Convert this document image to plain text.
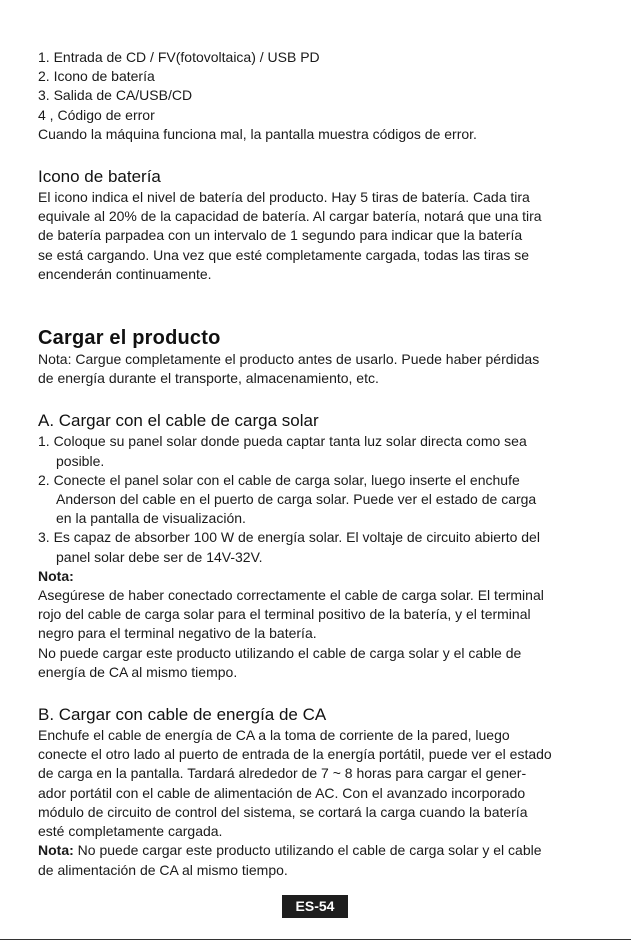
1. Entrada de CD / FV(fotovoltaica) / USB PD
2. Icono de batería
3. Salida de CA/USB/CD
4 , Código de error
Cuando la máquina funciona mal, la pantalla muestra códigos de error.
Icono de batería
El icono indica el nivel de batería del producto. Hay 5 tiras de batería. Cada tira
equivale al 20% de la capacidad de batería. Al cargar batería, notará que una tira
de batería parpadea con un intervalo de 1 segundo para indicar que la batería
se está cargando. Una vez que esté completamente cargada, todas las tiras se
encenderán continuamente.
Cargar el producto
Nota: Cargue completamente el producto antes de usarlo. Puede haber pérdidas
de energía durante el transporte, almacenamiento, etc.
A. Cargar con el cable de carga solar
1. Coloque su panel solar donde pueda captar tanta luz solar directa como sea
posible.
2. Conecte el panel solar con el cable de carga solar, luego inserte el enchufe
Anderson del cable en el puerto de carga solar. Puede ver el estado de carga
en la pantalla de visualización.
3. Es capaz de absorber 100 W de energía solar. El voltaje de circuito abierto del
panel solar debe ser de 14V-32V.
Nota:
Asegúrese de haber conectado correctamente el cable de carga solar. El terminal
rojo del cable de carga solar para el terminal positivo de la batería, y el terminal
negro para el terminal negativo de la batería.
No puede cargar este producto utilizando el cable de carga solar y el cable de
energía de CA al mismo tiempo.
B. Cargar con cable de energía de CA
Enchufe el cable de energía de CA a la toma de corriente de la pared, luego
conecte el otro lado al puerto de entrada de la energía portátil, puede ver el estado
de carga en la pantalla. Tardará alrededor de 7 ~ 8 horas para cargar el gener-
ador portátil con el cable de alimentación de AC. Con el avanzado incorporado
módulo de circuito de control del sistema, se cortará la carga cuando la batería
esté completamente cargada.
Nota: No puede cargar este producto utilizando el cable de carga solar y el cable
de alimentación de CA al mismo tiempo.
ES-54
